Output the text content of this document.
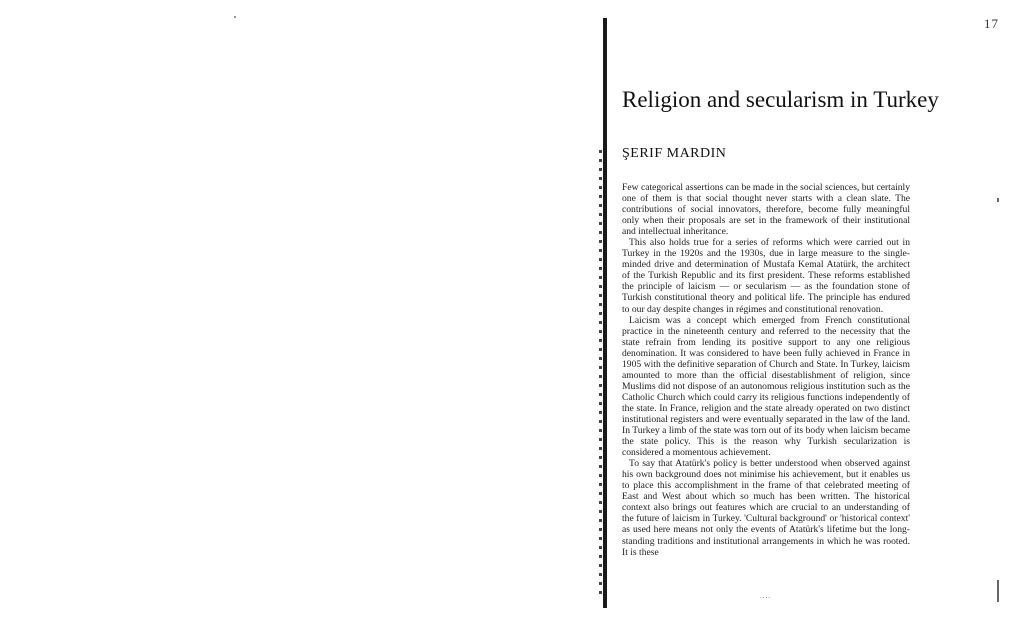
17
Religion and secularism in Turkey
ŞERIF MARDIN

Few categorical assertions can be made in the social sciences, but certainly one of them is that social thought never starts with a clean slate. The contributions of social innovators, therefore, become fully meaningful only when their proposals are set in the framework of their institutional and intellectual inheritance.

This also holds true for a series of reforms which were carried out in Turkey in the 1920s and the 1930s, due in large measure to the single-minded drive and determination of Mustafa Kemal Atatürk, the architect of the Turkish Republic and its first president. These reforms established the principle of laicism — or secularism — as the foundation stone of Turkish constitutional theory and political life. The principle has endured to our day despite changes in régimes and constitutional renovation.

Laicism was a concept which emerged from French constitutional practice in the nineteenth century and referred to the necessity that the state refrain from lending its positive support to any one religious denomination. It was considered to have been fully achieved in France in 1905 with the definitive separation of Church and State. In Turkey, laicism amounted to more than the official disestablishment of religion, since Muslims did not dispose of an autonomous religious institution such as the Catholic Church which could carry its religious functions independently of the state. In France, religion and the state already operated on two distinct institutional registers and were eventually separated in the law of the land. In Turkey a limb of the state was torn out of its body when laicism became the state policy. This is the reason why Turkish secularization is considered a momentous achievement.

To say that Atatürk's policy is better understood when observed against his own background does not minimise his achievement, but it enables us to place this accomplishment in the frame of that celebrated meeting of East and West about which so much has been written. The historical context also brings out features which are crucial to an understanding of the future of laicism in Turkey. 'Cultural background' or 'historical context' as used here means not only the events of Atatürk's lifetime but the long-standing traditions and institutional arrangements in which he was rooted. It is these

....
